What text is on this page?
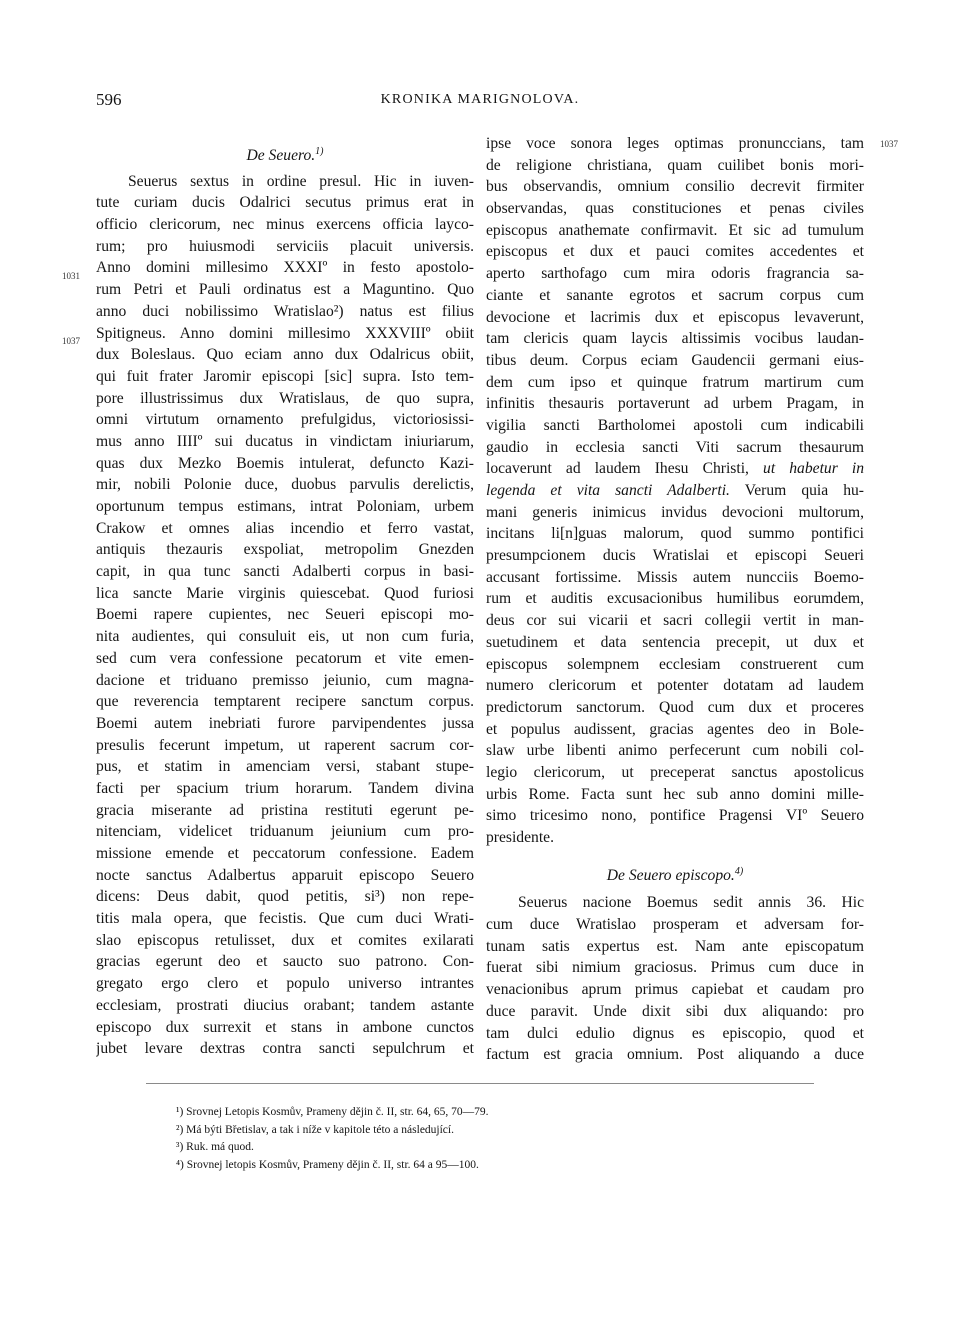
596	KRONIKA MARIGNOLOVA.
1031
1037
1037
De Seuero.$^{1)}$
Seuerus sextus in ordine presul. Hic in iuven-
tute curiam ducis Odalrici secutus primus erat in
officio clericorum, nec minus exercens officia layco-
rum; pro huiusmodi serviciis placuit universis.
Anno domini millesimo XXXIº in festo apostolo-
rum Petri et Pauli ordinatus est a Maguntino. Quo
anno duci nobilissimo Wratislao²) natus est filius
Spitigneus. Anno domini millesimo XXXVIIIº obiit
dux Boleslaus. Quo eciam anno dux Odalricus obiit,
qui fuit frater Jaromir episcopi [sic] supra. Isto tem-
pore illustrissimus dux Wratislaus, de quo supra,
omni virtutum ornamento prefulgidus, victoriosissi-
mus anno IIIIº sui ducatus in vindictam iniuriarum,
quas dux Mezko Boemis intulerat, defuncto Kazi-
mir, nobili Polonie duce, duobus parvulis derelictis,
oportunum tempus estimans, intrat Poloniam, urbem
Crakow et omnes alias incendio et ferro vastat,
antiquis thezauris exspoliat, metropolim Gnezden
capit, in qua tunc sancti Adalberti corpus in basi-
lica sancte Marie virginis quiescebat. Quod furiosi
Boemi rapere cupientes, nec Seueri episcopi mo-
nita audientes, qui consuluit eis, ut non cum furia,
sed cum vera confessione pecatorum et vite emen-
dacione et triduano premisso jeiunio, cum magna-
que reverencia temptarent recipere sanctum corpus.
Boemi autem inebriati furore parvipendentes jussa
presulis fecerunt impetum, ut raperent sacrum cor-
pus, et statim in amenciam versi, stabant stupe-
facti per spacium trium horarum. Tandem divina
gracia miserante ad pristina restituti egerunt pe-
nitenciam, videlicet triduanum jeiunium cum pro-
missione emende et peccatorum confessione. Eadem
nocte sanctus Adalbertus apparuit episcopo Seuero
dicens: Deus dabit, quod petitis, si³) non repe-
titis mala opera, que fecistis. Que cum duci Wrati-
slao episcopus retulisset, dux et comites exilarati
gracias egerunt deo et saucto suo patrono. Con-
gregato ergo clero et populo universo intrantes
ecclesiam, prostrati diucius orabant; tandem astante
episcopo dux surrexit et stans in ambone cunctos
jubet levare dextras contra sancti sepulchrum et
ipse voce sonora leges optimas pronunccians, tam
de religione christiana, quam cuilibet bonis mori-
bus observandis, omnium consilio decrevit firmiter
observandas, quas constituciones et penas civiles
episcopus anathemate confirmavit. Et sic ad tumulum
episcopus et dux et pauci comites accedentes et
aperto sarthofago cum mira odoris fragrancia sa-
ciante et sanante egrotos et sacrum corpus cum
devocione et lacrimis dux et episcopus levaverunt,
tam clericis quam laycis altissimis vocibus laudan-
tibus deum. Corpus eciam Gaudencii germani eius-
dem cum ipso et quinque fratrum martirum cum
infinitis thesauris portaverunt ad urbem Pragam, in
vigilia sancti Bartholomei apostoli cum indicabili
gaudio in ecclesia sancti Viti sacrum thesaurum
locaverunt ad laudem Ihesu Christi, ut habetur in
legenda et vita sancti Adalberti. Verum quia hu-
mani generis inimicus invidus devocioni multorum,
incitans li[n]guas malorum, quod summo pontifici
presumpcionem ducis Wratislai et episcopi Seueri
accusant fortissime. Missis autem nuncciis Boemo-
rum et auditis excusacionibus humilibus eorumdem,
deus cor sui vicarii et sacri collegii vertit in man-
suetudinem et data sentencia precepit, ut dux et
episcopus solempnem ecclesiam construerent cum
numero clericorum et potenter dotatam ad laudem
predictorum sanctorum. Quod cum dux et proceres
et populus audissent, gracias agentes deo in Bole-
slaw urbe libenti animo perfecerunt cum nobili col-
legio clericorum, ut preceperat sanctus apostolicus
urbis Rome. Facta sunt hec sub anno domini mille-
simo tricesimo nono, pontifice Pragensi VIº Seuero
presidente.
De Seuero episcopo.$^{4)}$
Seuerus nacione Boemus sedit annis 36. Hic
cum duce Wratislao prosperam et adversam for-
tunam satis expertus est. Nam ante episcopatum
fuerat sibi nimium graciosus. Primus cum duce in
venacionibus aprum primus capiebat et caudam pro
duce paravit. Unde dixit sibi dux aliquando: pro
tam dulci edulio dignus es episcopio, quod et
factum est gracia omnium. Post aliquando a duce
¹) Srovnej Letopis Kosmův, Prameny dějin č. II, str. 64, 65, 70—79.
²) Má býti Břetislav, a tak i níže v kapitole této a následující.
³) Ruk. má quod.
⁴) Srovnej letopis Kosmův, Prameny dějin č. II, str. 64 a 95—100.
